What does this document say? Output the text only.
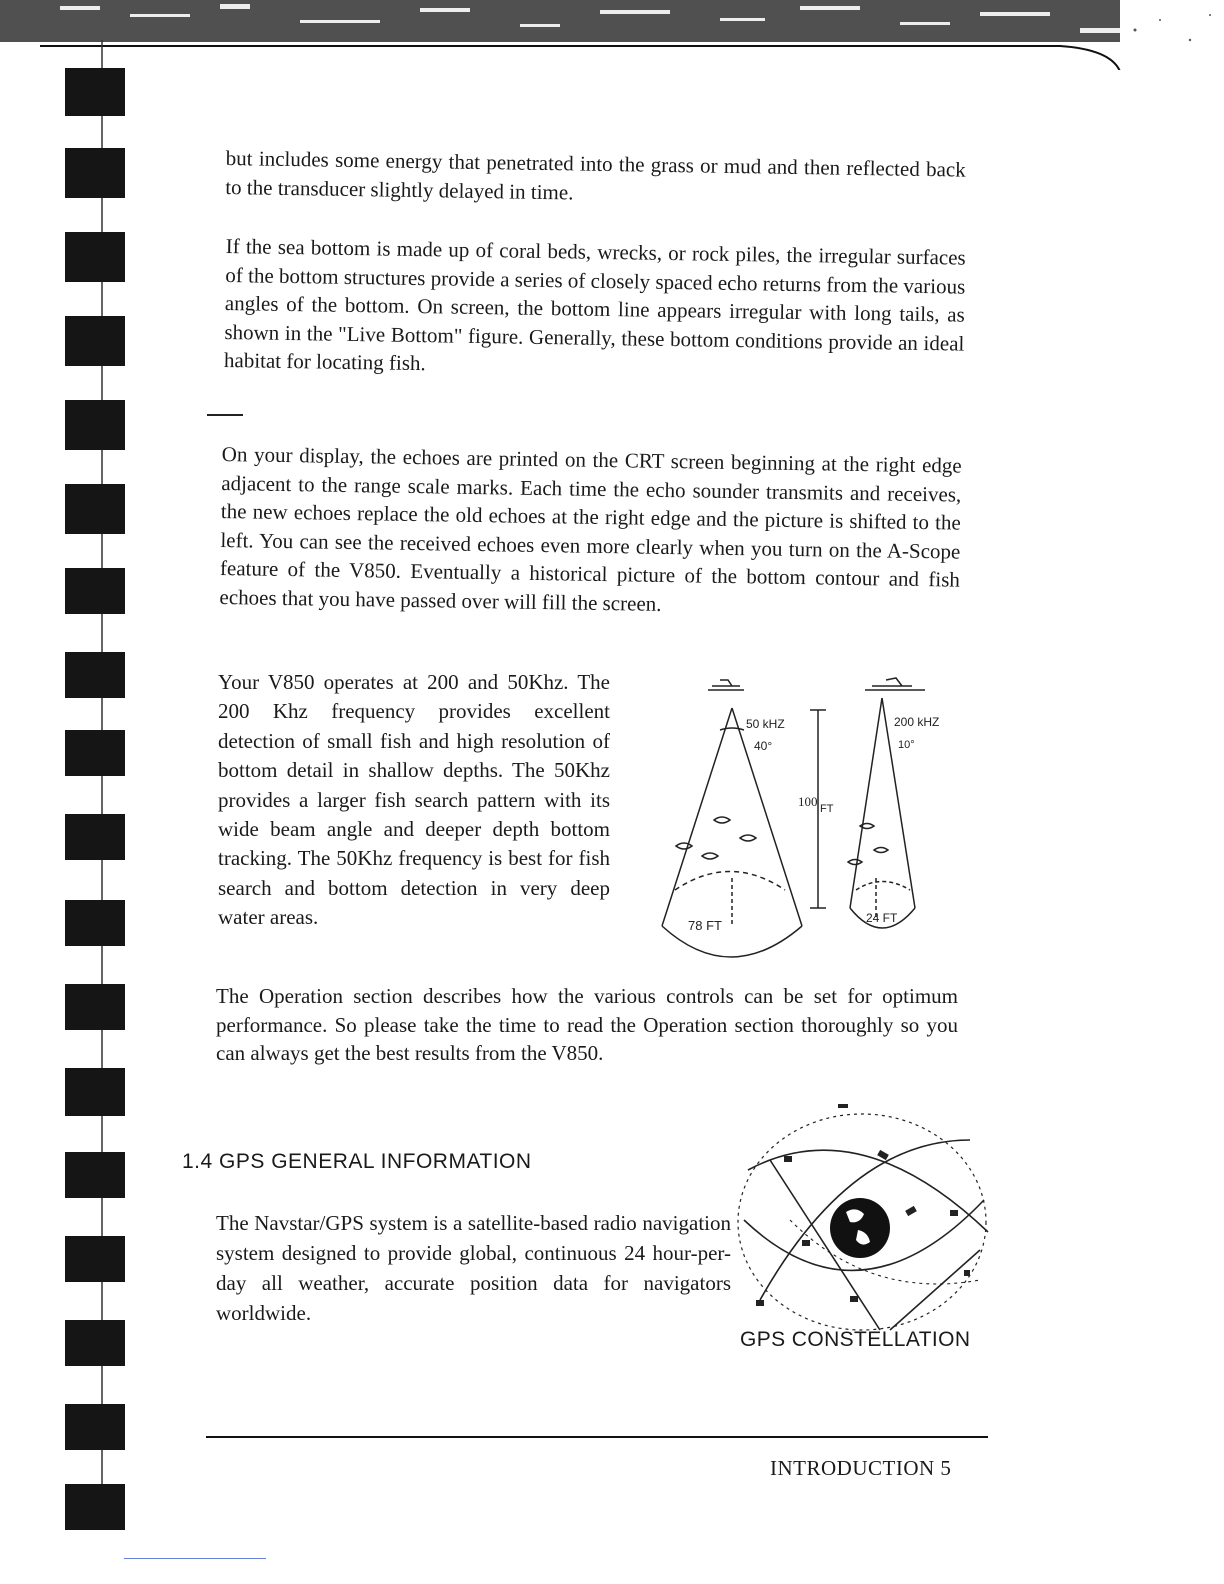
but includes some energy that penetrated into the grass or mud and then reflected back to the transducer slightly delayed in time.

If the sea bottom is made up of coral beds, wrecks, or rock piles, the irregular surfaces of the bottom structures provide a series of closely spaced echo returns from the various angles of the bottom. On screen, the bottom line appears irregular with long tails, as shown in the "Live Bottom" figure. Generally, these bottom conditions provide an ideal habitat for locating fish.

On your display, the echoes are printed on the CRT screen beginning at the right edge adjacent to the range scale marks. Each time the echo sounder transmits and receives, the new echoes replace the old echoes at the right edge and the picture is shifted to the left. You can see the received echoes even more clearly when you turn on the A-Scope feature of the V850. Eventually a historical picture of the bottom contour and fish echoes that you have passed over will fill the screen.

Your V850 operates at 200 and 50Khz. The 200 Khz frequency provides excellent detection of small fish and high resolution of bottom detail in shallow depths. The 50Khz provides a larger fish search pattern with its wide beam angle and deeper depth bottom tracking. The 50Khz frequency is best for fish search and bottom detection in very deep water areas.

50 kHZ
40°
100 FT
78 FT
200 kHZ
10°
24 FT

The Operation section describes how the various controls can be set for optimum performance. So please take the time to read the Operation section thoroughly so you can always get the best results from the V850.

1.4 GPS GENERAL INFORMATION

The Navstar/GPS system is a satellite-based radio navigation system designed to provide global, continuous 24 hour-per-day all weather, accurate position data for navigators worldwide.

GPS CONSTELLATION
INTRODUCTION 5
